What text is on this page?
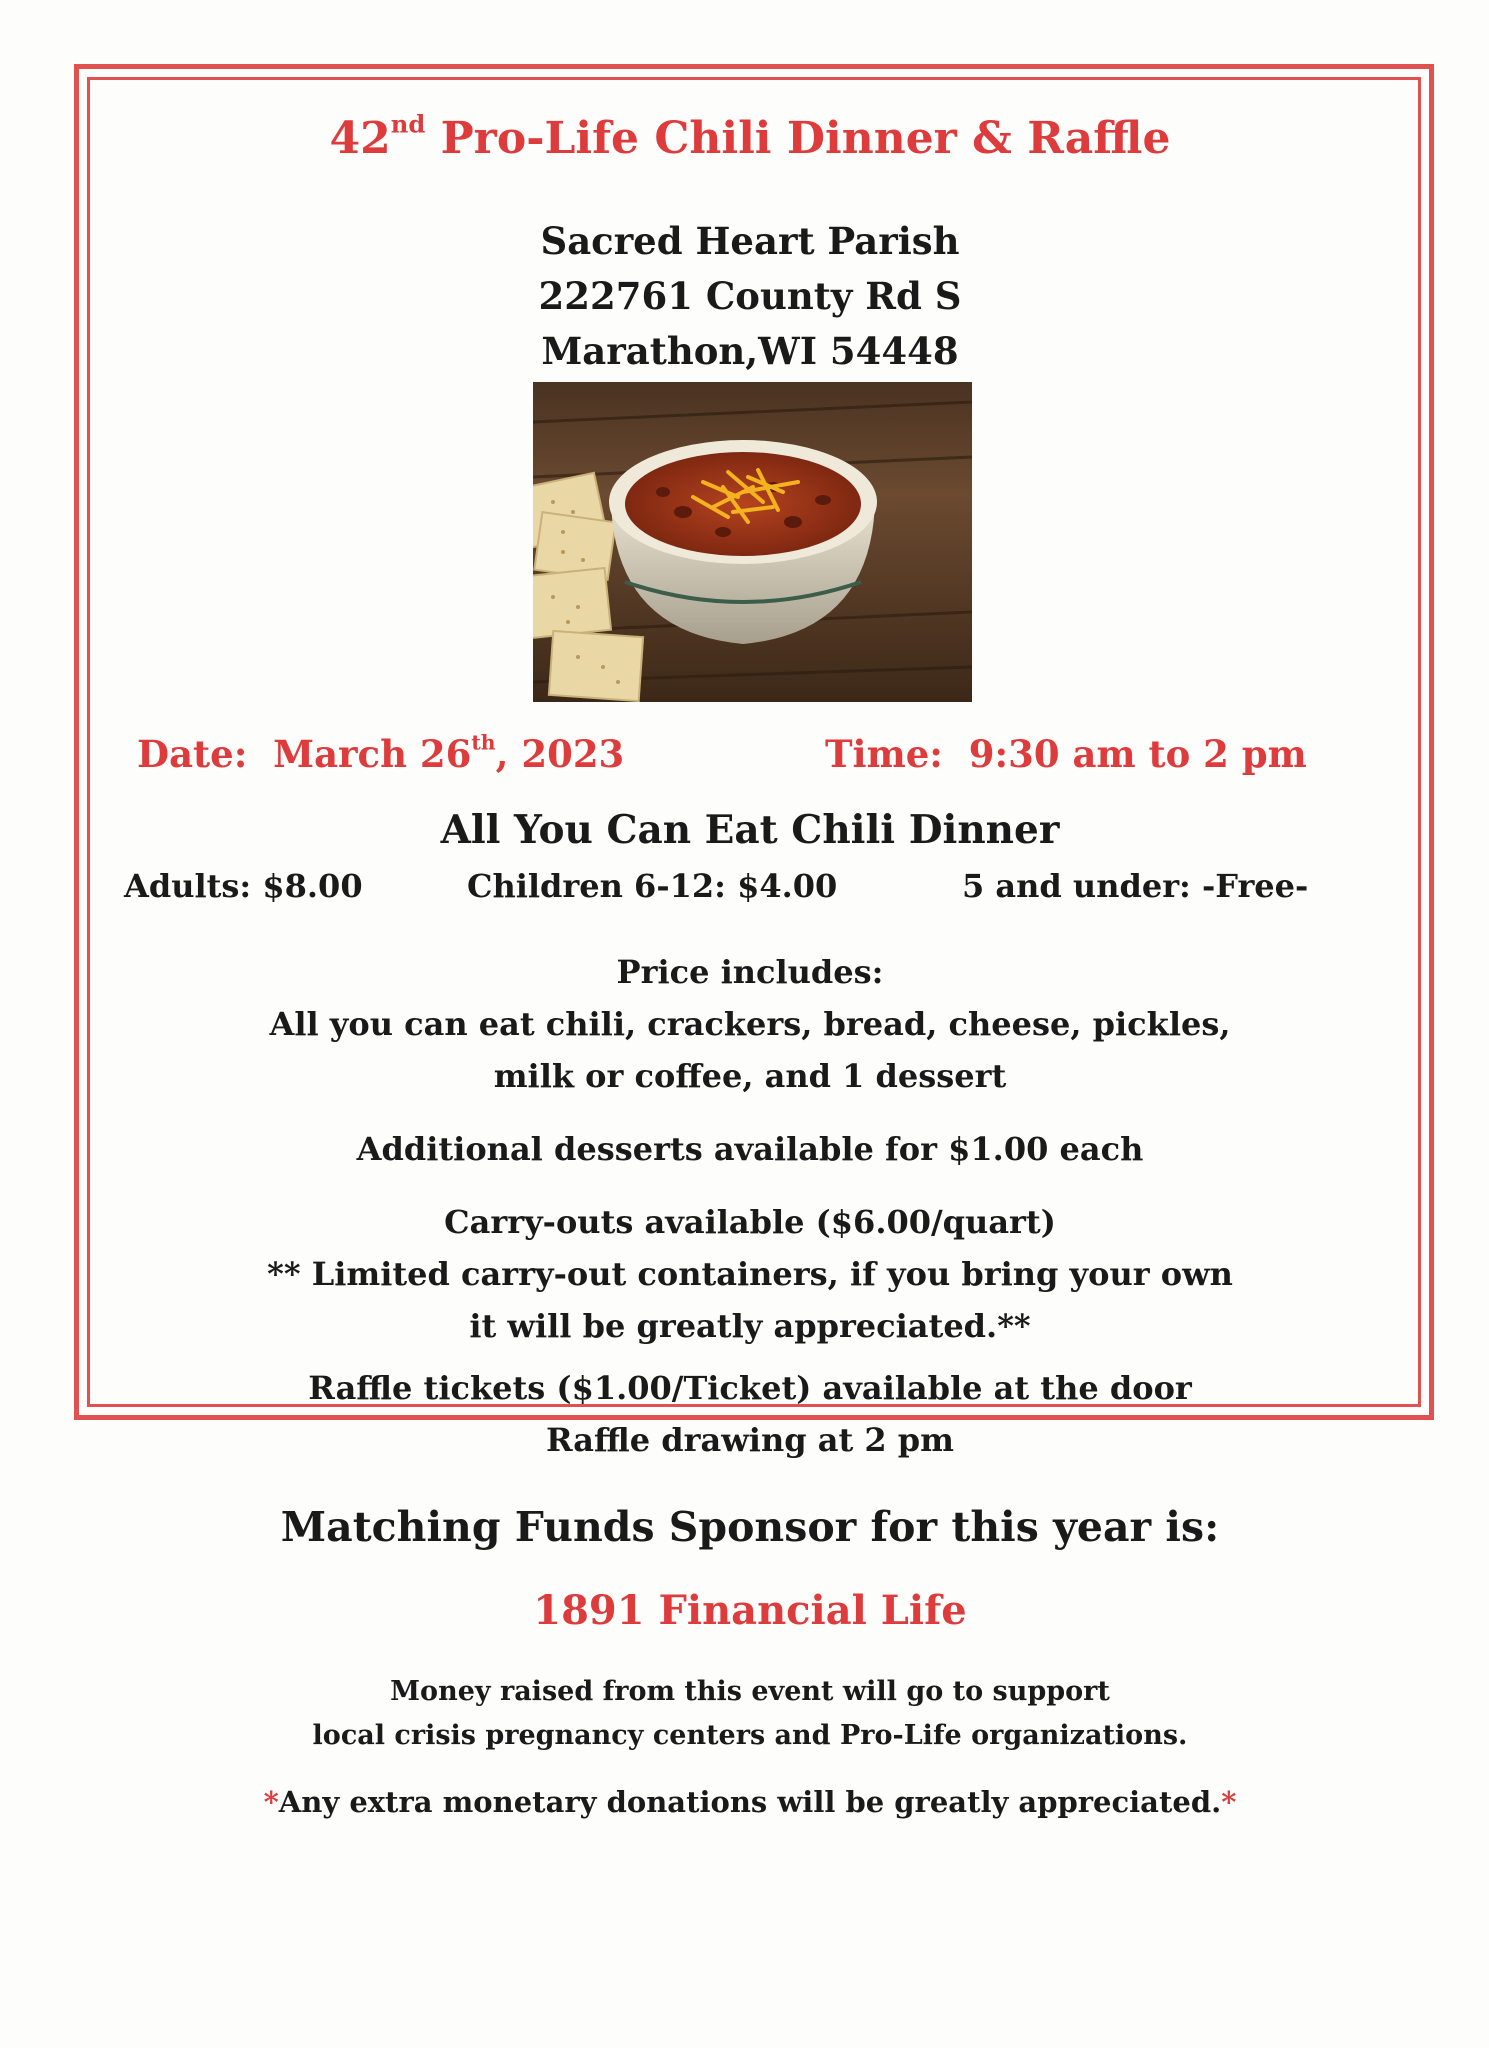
42nd Pro-Life Chili Dinner & Raffle
Sacred Heart Parish
222761 County Rd S
Marathon,WI 54448
Date: March 26th, 2023	Time: 9:30 am to 2 pm
All You Can Eat Chili Dinner
Adults: $8.00	Children 6-12: $4.00	5 and under: -Free-
Price includes:
All you can eat chili, crackers, bread, cheese, pickles,
milk or coffee, and 1 dessert
Additional desserts available for $1.00 each
Carry-outs available ($6.00/quart)
** Limited carry-out containers, if you bring your own
it will be greatly appreciated.**
Raffle tickets ($1.00/Ticket) available at the door
Raffle drawing at 2 pm
Matching Funds Sponsor for this year is:
1891 Financial Life
Money raised from this event will go to support
local crisis pregnancy centers and Pro-Life organizations.
*Any extra monetary donations will be greatly appreciated.*
